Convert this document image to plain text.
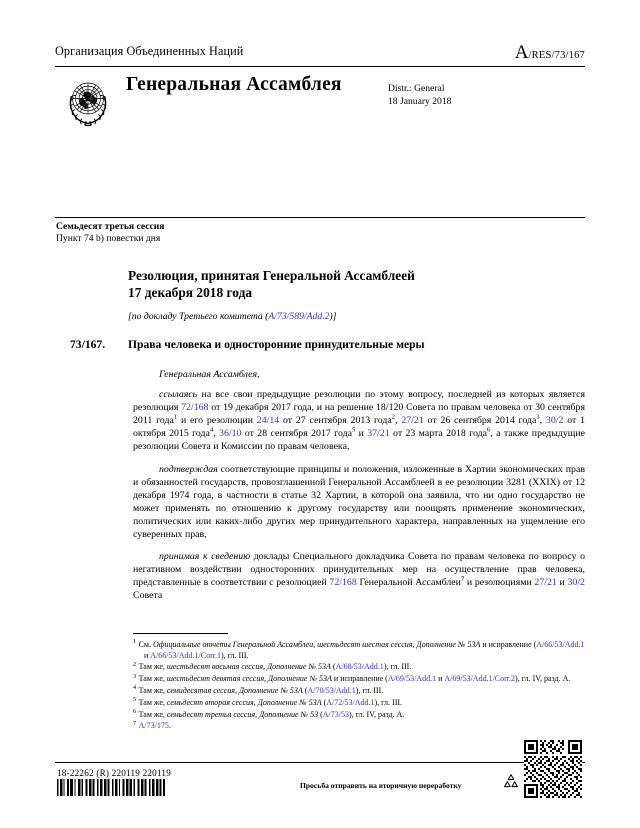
Организация Объединенных Наций	A/RES/73/167
Генеральная Ассамблея	Distr.: General
18 January 2018
Семьдесят третья сессия
Пункт 74 b) повестки дня
Резолюция, принятая Генеральной Ассамблеей
17 декабря 2018 года
[по докладу Третьего комитета (A/73/589/Add.2)]
73/167. Права человека и односторонние принудительные меры

Генеральная Ассамблея,

ссылаясь на все свои предыдущие резолюции по этому вопросу, последней из которых является резолюция 72/168 от 19 декабря 2017 года, и на решение 18/120 Совета по правам человека от 30 сентября 2011 года$^1$ и его резолюции 24/14 от 27 сентября 2013 года$^2$, 27/21 от 26 сентября 2014 года$^3$, 30/2 от 1 октября 2015 года$^4$, 36/10 от 28 сентября 2017 года$^5$ и 37/21 от 23 марта 2018 года$^6$, а также предыдущие резолюции Совета и Комиссии по правам человека,

подтверждая соответствующие принципы и положения, изложенные в Хартии экономических прав и обязанностей государств, провозглашенной Генеральной Ассамблеей в ее резолюции 3281 (XXIX) от 12 декабря 1974 года, в частности в статье 32 Хартии, в которой она заявила, что ни одно государство не может применять по отношению к другому государству или поощрять применение экономических, политических или каких-либо других мер принудительного характера, направленных на ущемление его суверенных прав,

принимая к сведению доклады Специального докладчика Совета по правам человека по вопросу о негативном воздействии односторонних принудительных мер на осуществление прав человека, представленные в соответствии с резолюцией 72/168 Генеральной Ассамблеи$^7$ и резолюциями 27/21 и 30/2 Совета

$^1$ См. Официальные отчеты Генеральной Ассамблеи, шестьдесят шестая сессия, Дополнение № 53A и исправление (A/66/53/Add.1 и A/66/53/Add.1/Corr.1), гл. III.
$^2$ Там же, шестьдесят восьмая сессия, Дополнение № 53A (A/68/53/Add.1), гл. III.
$^3$ Там же, шестьдесят девятая сессия, Дополнение № 53A и исправление (A/69/53/Add.1 и A/69/53/Add.1/Corr.2), гл. IV, разд. A.
$^4$ Там же, семидесятая сессия, Дополнение № 53A (A/70/53/Add.1), гл. III.
$^5$ Там же, семьдесят вторая сессия, Дополнение № 53A (A/72/53/Add.1), гл. III.
$^6$ Там же, семьдесят третья сессия, Дополнение № 53 (A/73/53), гл. IV, разд. A.
$^7$ A/73/175.
18-22262 (R) 220119 220119
Просьба отправить на вторичную переработку
